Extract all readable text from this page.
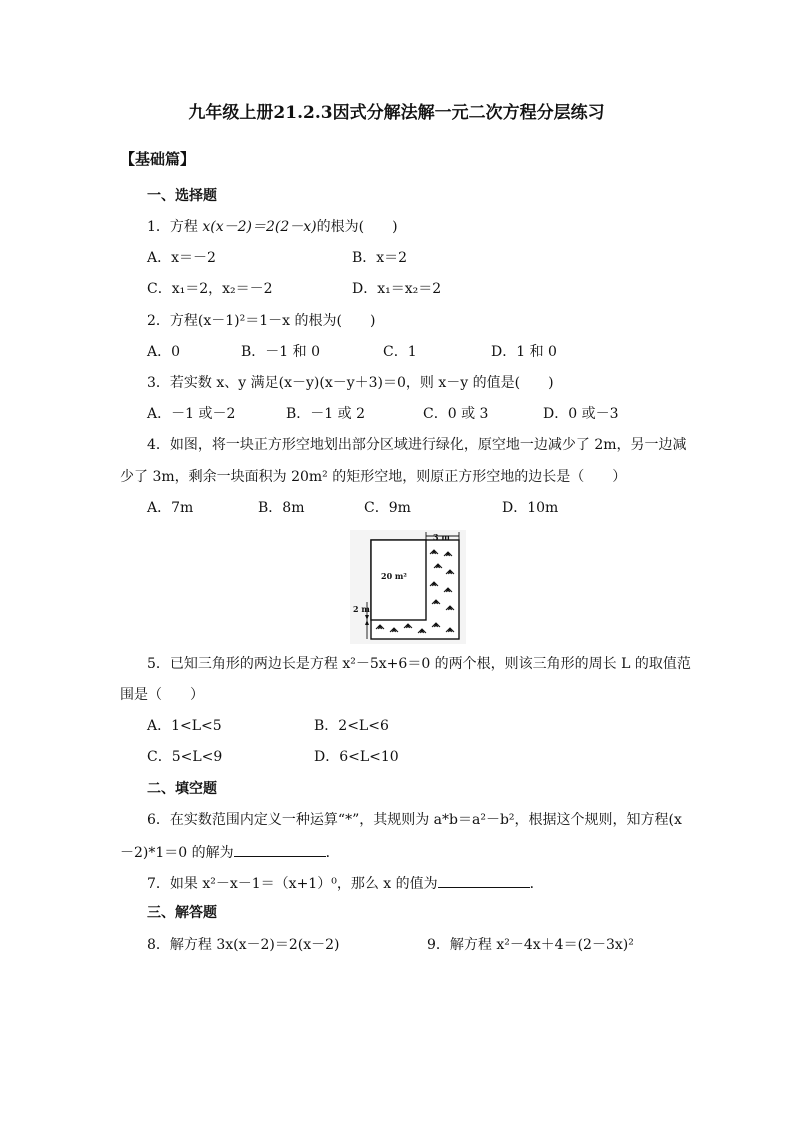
九年级上册21.2.3因式分解法解一元二次方程分层练习
【基础篇】
一、选择题
1．方程 x(x－2)＝2(2－x)的根为(　　)
A．x＝－2	B．x＝2
C．x₁＝2，x₂＝－2	D．x₁＝x₂＝2
2．方程(x－1)²＝1－x 的根为(　　)
A．0	B．－1 和 0	C．1	D．1 和 0
3．若实数 x、y 满足(x－y)(x－y＋3)＝0，则 x－y 的值是(　　)
A．－1 或－2	B．－1 或 2	C．0 或 3	D．0 或－3
4．如图，将一块正方形空地划出部分区域进行绿化，原空地一边减少了 2m，另一边减
少了 3m，剩余一块面积为 20m² 的矩形空地，则原正方形空地的边长是（　　）
A．7m	B．8m	C．9m	D．10m
3 m
20 m²
2 m
5．已知三角形的两边长是方程 x²－5x+6＝0 的两个根，则该三角形的周长 L 的取值范
围是（　　）
A．1<L<5	B．2<L<6
C．5<L<9	D．6<L<10
二、填空题
6．在实数范围内定义一种运算“*”，其规则为 a*b＝a²－b²，根据这个规则，知方程(x
－2)*1＝0 的解为	．
7．如果 x²－x－1＝（x+1）⁰，那么 x 的值为	．
三、解答题
8．解方程 3x(x－2)＝2(x－2)	9．解方程 x²－4x＋4＝(2－3x)²
